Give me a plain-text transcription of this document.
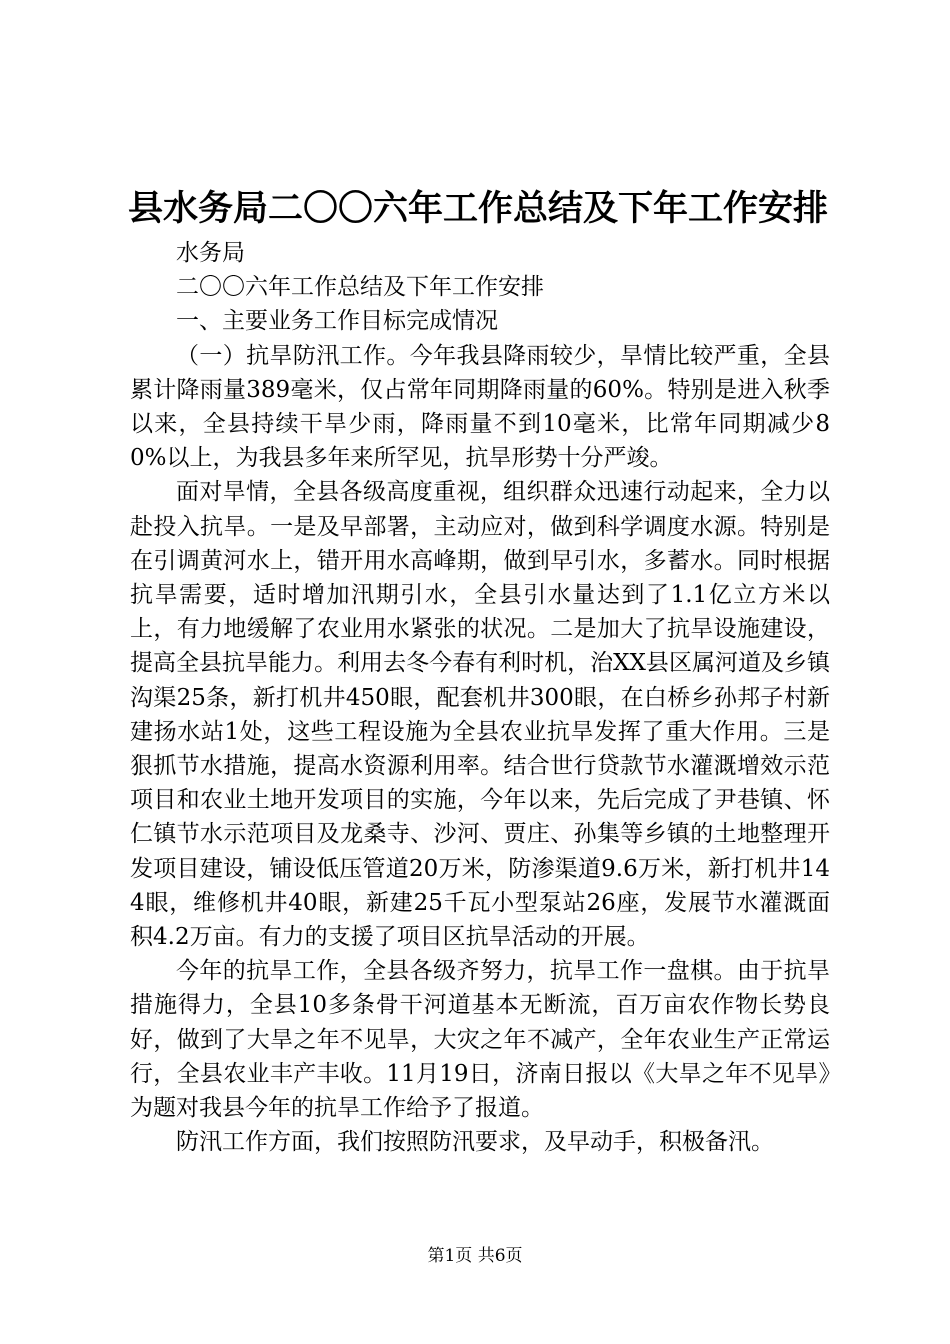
县水务局二〇〇六年工作总结及下年工作安排

水务局

二〇〇六年工作总结及下年工作安排

一、主要业务工作目标完成情况

（一）抗旱防汛工作。今年我县降雨较少，旱情比较严重，全县累计降雨量389毫米，仅占常年同期降雨量的60%。特别是进入秋季以来，全县持续干旱少雨，降雨量不到10毫米，比常年同期减少80%以上，为我县多年来所罕见，抗旱形势十分严竣。

面对旱情，全县各级高度重视，组织群众迅速行动起来，全力以赴投入抗旱。一是及早部署，主动应对，做到科学调度水源。特别是在引调黄河水上，错开用水高峰期，做到早引水，多蓄水。同时根据抗旱需要，适时增加汛期引水，全县引水量达到了1.1亿立方米以上，有力地缓解了农业用水紧张的状况。二是加大了抗旱设施建设，提高全县抗旱能力。利用去冬今春有利时机，治XX县区属河道及乡镇沟渠25条，新打机井450眼，配套机井300眼，在白桥乡孙邦子村新建扬水站1处，这些工程设施为全县农业抗旱发挥了重大作用。三是狠抓节水措施，提高水资源利用率。结合世行贷款节水灌溉增效示范项目和农业土地开发项目的实施，今年以来，先后完成了尹巷镇、怀仁镇节水示范项目及龙桑寺、沙河、贾庄、孙集等乡镇的土地整理开发项目建设，铺设低压管道20万米，防渗渠道9.6万米，新打机井144眼，维修机井40眼，新建25千瓦小型泵站26座，发展节水灌溉面积4.2万亩。有力的支援了项目区抗旱活动的开展。

今年的抗旱工作，全县各级齐努力，抗旱工作一盘棋。由于抗旱措施得力，全县10多条骨干河道基本无断流，百万亩农作物长势良好，做到了大旱之年不见旱，大灾之年不减产，全年农业生产正常运行，全县农业丰产丰收。11月19日，济南日报以《大旱之年不见旱》为题对我县今年的抗旱工作给予了报道。

防汛工作方面，我们按照防汛要求，及早动手，积极备汛。

第1页 共6页
